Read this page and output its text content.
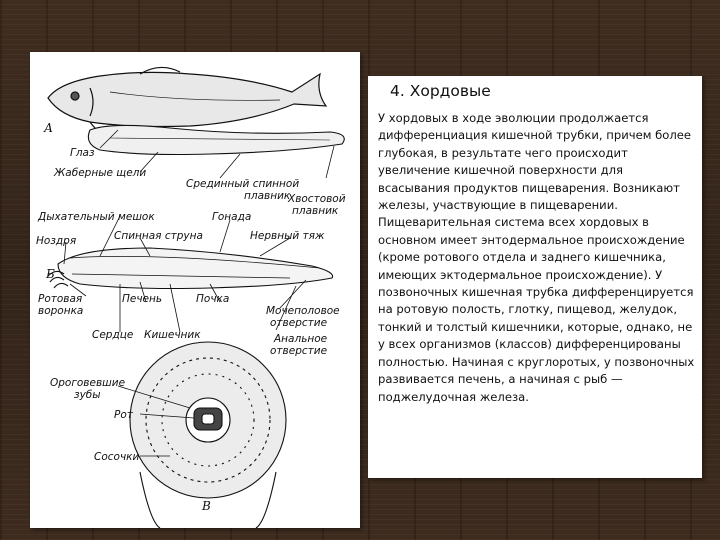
А
Б
В
Глаз
Жаберные щели
Срединный спинной
плавник
Хвостовой
плавник
Дыхательный мешок	Гонада
Ноздря	Спинная струна	Нервный тяж
Ротовая
воронка
Печень	Почка
Мочеполовое
отверстие
Сердце Кишечник	Анальное
отверстие
Ороговевшие
зубы
Рот
Сосочки
4. Хордовые

У хордовых в ходе эволюции продолжается дифференциация кишечной трубки, причем более глубокая, в результате чего происходит увеличение кишечной поверхности для всасывания продуктов пищеварения. Возникают железы, участвующие в пищеварении. Пищеварительная система всех хордовых в основном имеет энтодермальное происхождение (кроме ротового отдела и заднего кишечника, имеющих эктодермальное происхождение). У позвоночных кишечная трубка дифференцируется на ротовую полость, глотку, пищевод, желудок, тонкий и толстый кишечники, которые, однако, не у всех организмов (классов) дифференцированы полностью. Начиная с круглоротых, у позвоночных развивается печень, а начиная с рыб — поджелудочная железа.
